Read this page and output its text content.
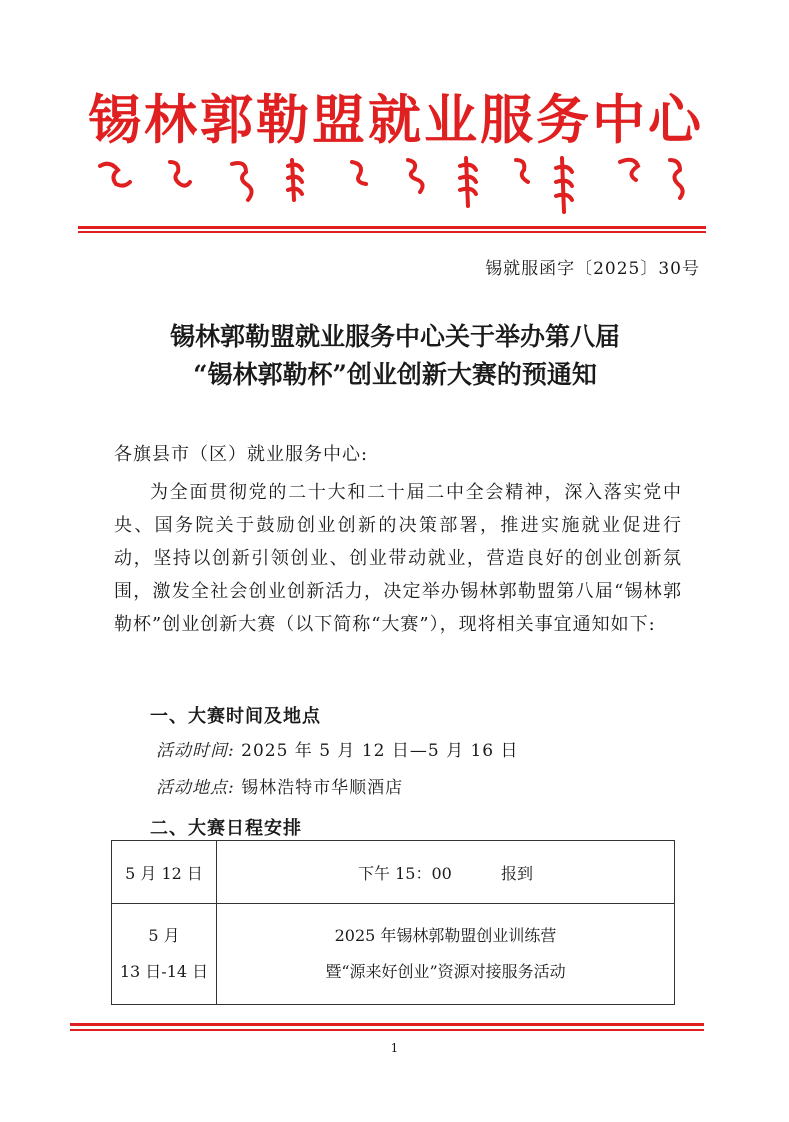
锡林郭勒盟就业服务中心
锡就服函字〔2025〕30号
锡林郭勒盟就业服务中心关于举办第八届
“锡林郭勒杯”创业创新大赛的预通知
各旗县市（区）就业服务中心:
为全面贯彻党的二十大和二十届二中全会精神，深入落实党中央、国务院关于鼓励创业创新的决策部署，推进实施就业促进行动，坚持以创新引领创业、创业带动就业，营造良好的创业创新氛围，激发全社会创业创新活力，决定举办锡林郭勒盟第八届“锡林郭勒杯”创业创新大赛（以下简称“大赛”），现将相关事宜通知如下:
一、大赛时间及地点
活动时间: 2025 年 5 月 12 日—5 月 16 日
活动地点: 锡林浩特市华顺酒店
二、大赛日程安排
5 月 12 日	下午 15：00 报到

5 月
13 日-14 日	2025 年锡林郭勒盟创业训练营
暨“源来好创业”资源对接服务活动
1
